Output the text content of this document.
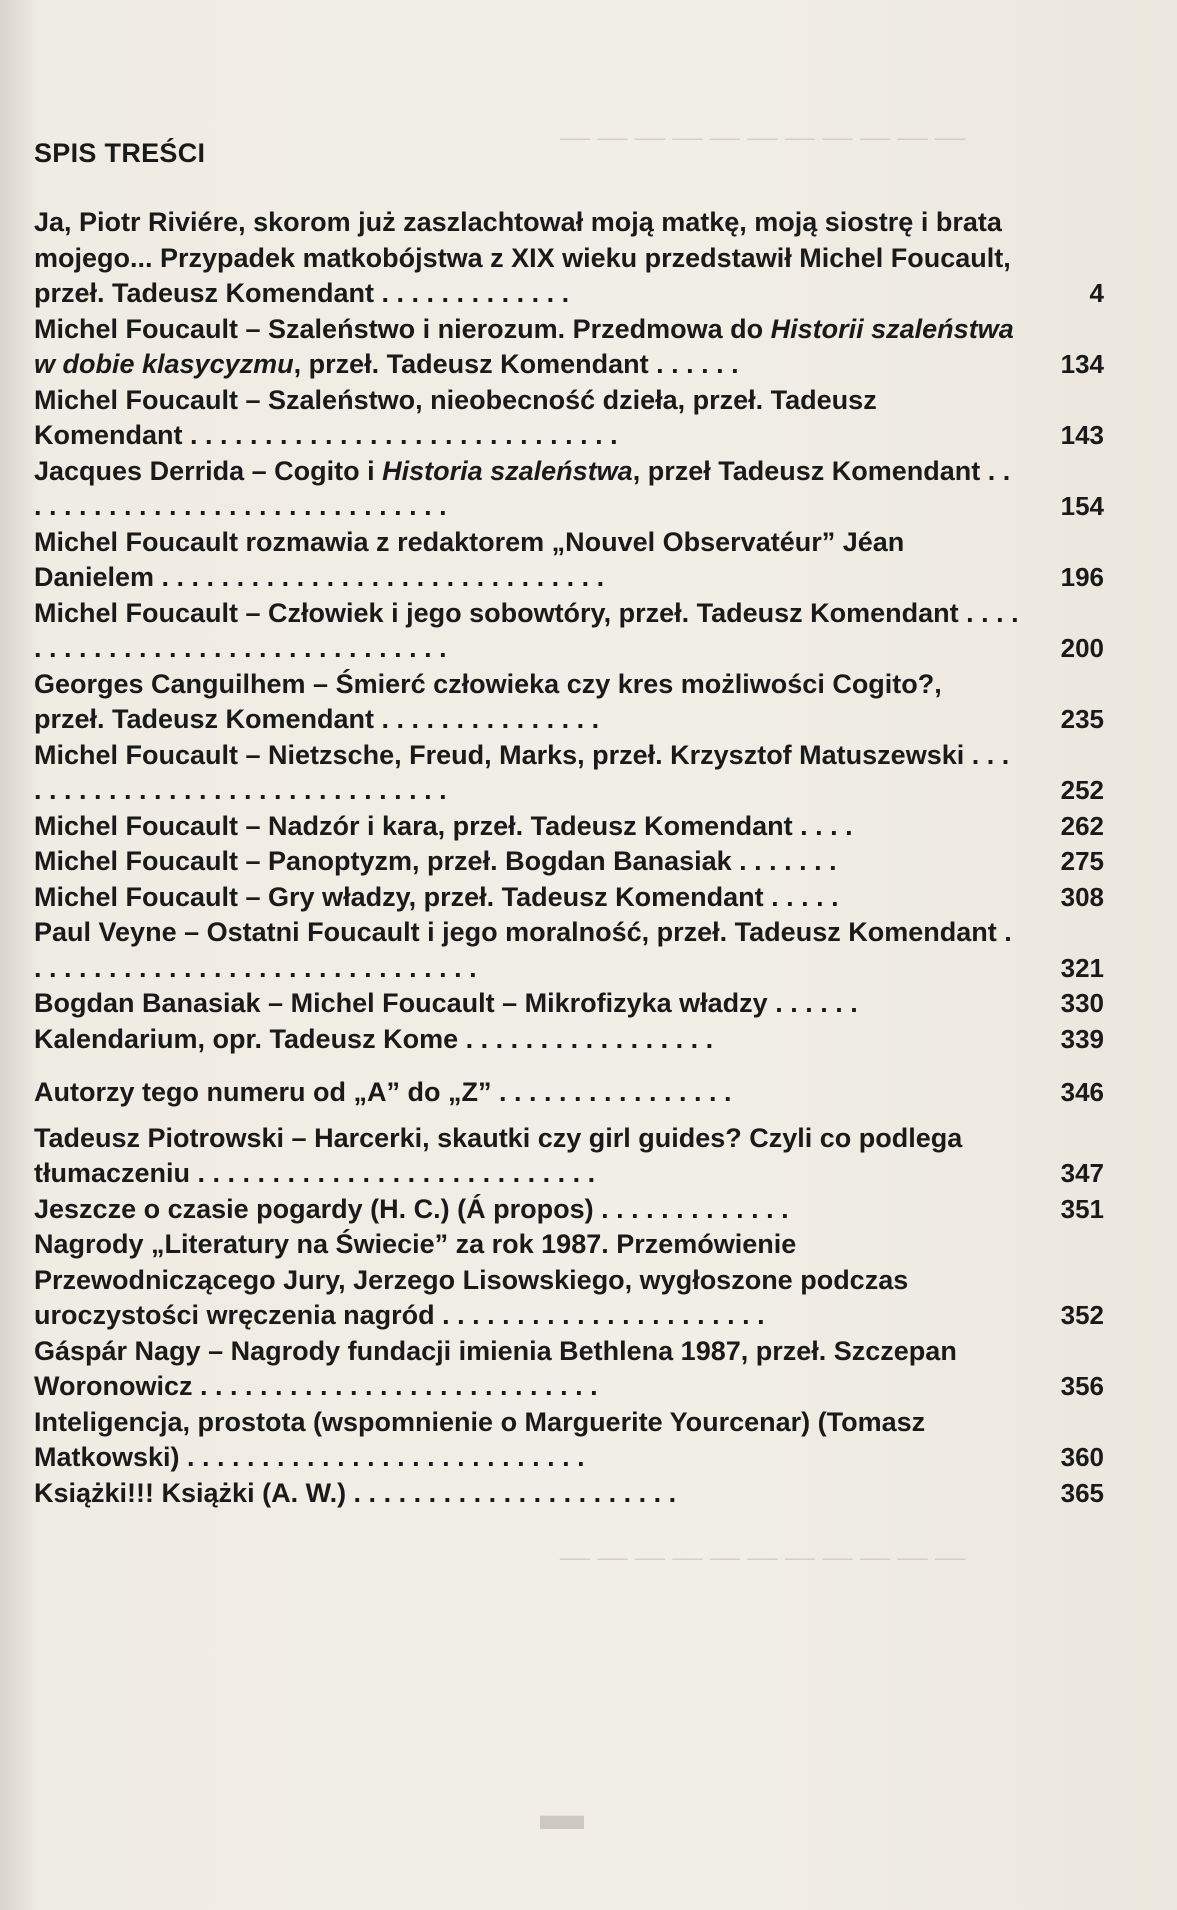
— — — — — — — — — — —
— — — — — — — — — — —
▬
SPIS TREŚCI
Ja, Piotr Riviére, skorom już zaszlachtował moją matkę, moją siostrę i brata mojego... Przypadek matkobójstwa z XIX wieku przedstawił Michel Foucault, przeł. Tadeusz Komendant . . . . . . . . . . . . .	4
Michel Foucault – Szaleństwo i nierozum. Przedmowa do Historii szaleństwa w dobie klasycyzmu, przeł. Tadeusz Komendant . . . . . .	134
Michel Foucault – Szaleństwo, nieobecność dzieła, przeł. Tadeusz Komendant . . . . . . . . . . . . . . . . . . . . . . . . . . . . .	143
Jacques Derrida – Cogito i Historia szaleństwa, przeł Tadeusz Komendant . . . . . . . . . . . . . . . . . . . . . . . . . . . . . .	154
Michel Foucault rozmawia z redaktorem „Nouvel Observatéur” Jéan Danielem . . . . . . . . . . . . . . . . . . . . . . . . . . . . . .	196
Michel Foucault – Człowiek i jego sobowtóry, przeł. Tadeusz Komendant . . . . . . . . . . . . . . . . . . . . . . . . . . . . . . . .	200
Georges Canguilhem – Śmierć człowieka czy kres możliwości Cogito?, przeł. Tadeusz Komendant . . . . . . . . . . . . . . .	235
Michel Foucault – Nietzsche, Freud, Marks, przeł. Krzysztof Matuszewski . . . . . . . . . . . . . . . . . . . . . . . . . . . . . . .	252
Michel Foucault – Nadzór i kara, przeł. Tadeusz Komendant . . . .	262
Michel Foucault – Panoptyzm, przeł. Bogdan Banasiak . . . . . . .	275
Michel Foucault – Gry władzy, przeł. Tadeusz Komendant . . . . .	308
Paul Veyne – Ostatni Foucault i jego moralność, przeł. Tadeusz Komendant . . . . . . . . . . . . . . . . . . . . . . . . . . . . . . .	321
Bogdan Banasiak – Michel Foucault – Mikrofizyka władzy . . . . . .	330
Kalendarium, opr. Tadeusz Kome . . . . . . . . . . . . . . . . .	339
Autorzy tego numeru od „A” do „Z” . . . . . . . . . . . . . . . .	346
Tadeusz Piotrowski – Harcerki, skautki czy girl guides? Czyli co podlega tłumaczeniu . . . . . . . . . . . . . . . . . . . . . . . . . . .	347
Jeszcze o czasie pogardy (H. C.) (Á propos) . . . . . . . . . . . . .	351
Nagrody „Literatury na Świecie” za rok 1987. Przemówienie Przewodniczącego Jury, Jerzego Lisowskiego, wygłoszone podczas uroczystości wręczenia nagród . . . . . . . . . . . . . . . . . . . . . .	352
Gáspár Nagy – Nagrody fundacji imienia Bethlena 1987, przeł. Szczepan Woronowicz . . . . . . . . . . . . . . . . . . . . . . . . . . .	356
Inteligencja, prostota (wspomnienie o Marguerite Yourcenar) (Tomasz Matkowski) . . . . . . . . . . . . . . . . . . . . . . . . . . .	360
Książki!!! Książki (A. W.) . . . . . . . . . . . . . . . . . . . . . .	365
